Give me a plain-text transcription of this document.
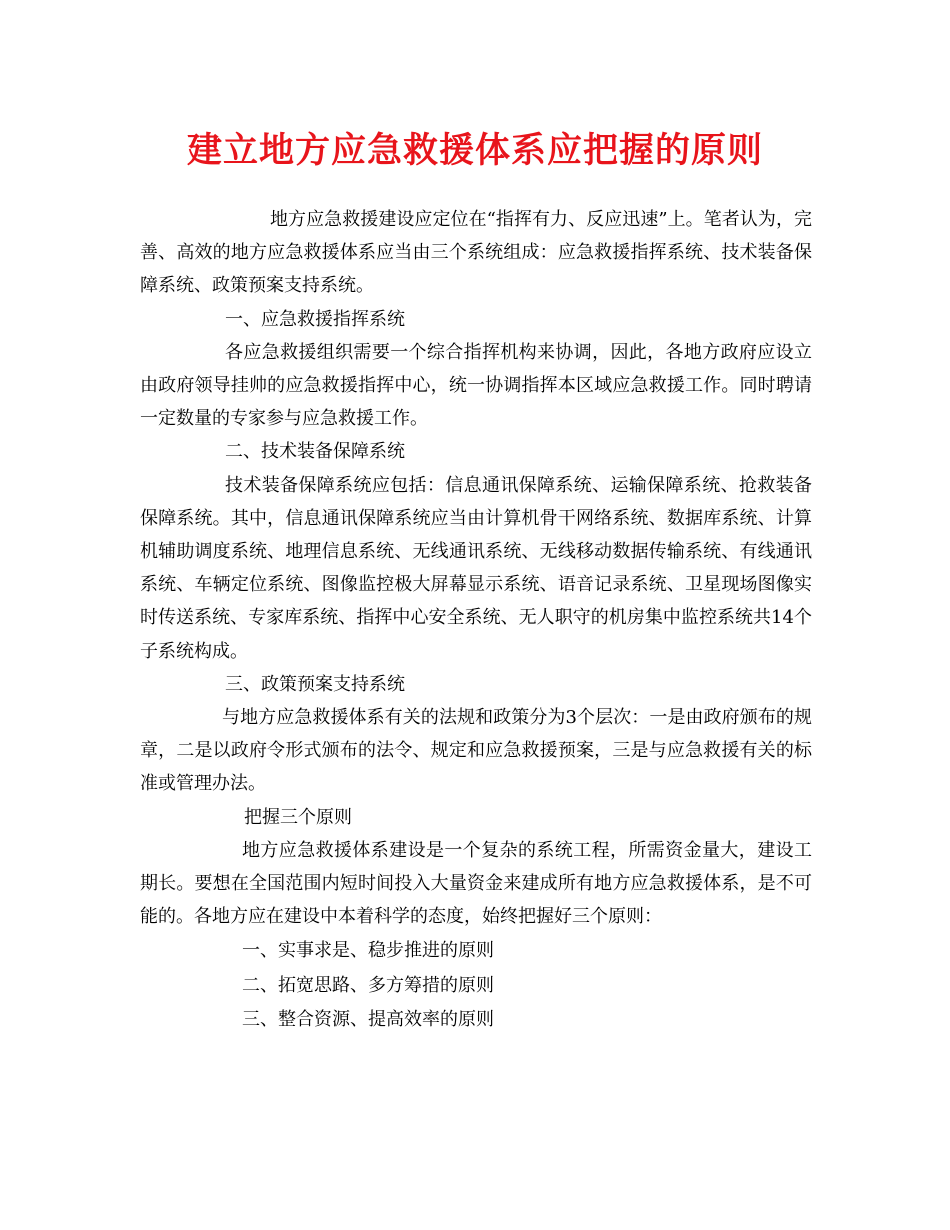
建立地方应急救援体系应把握的原则

地方应急救援建设应定位在“指挥有力、反应迅速”上。笔者认为，完善、高效的地方应急救援体系应当由三个系统组成：应急救援指挥系统、技术装备保障系统、政策预案支持系统。

一、应急救援指挥系统

各应急救援组织需要一个综合指挥机构来协调，因此，各地方政府应设立由政府领导挂帅的应急救援指挥中心，统一协调指挥本区域应急救援工作。同时聘请一定数量的专家参与应急救援工作。

二、技术装备保障系统

技术装备保障系统应包括：信息通讯保障系统、运输保障系统、抢救装备保障系统。其中，信息通讯保障系统应当由计算机骨干网络系统、数据库系统、计算机辅助调度系统、地理信息系统、无线通讯系统、无线移动数据传输系统、有线通讯系统、车辆定位系统、图像监控极大屏幕显示系统、语音记录系统、卫星现场图像实时传送系统、专家库系统、指挥中心安全系统、无人职守的机房集中监控系统共14个子系统构成。

三、政策预案支持系统

与地方应急救援体系有关的法规和政策分为3个层次：一是由政府颁布的规章，二是以政府令形式颁布的法令、规定和应急救援预案，三是与应急救援有关的标准或管理办法。

把握三个原则

地方应急救援体系建设是一个复杂的系统工程，所需资金量大，建设工期长。要想在全国范围内短时间投入大量资金来建成所有地方应急救援体系，是不可能的。各地方应在建设中本着科学的态度，始终把握好三个原则：

一、实事求是、稳步推进的原则

二、拓宽思路、多方筹措的原则

三、整合资源、提高效率的原则
